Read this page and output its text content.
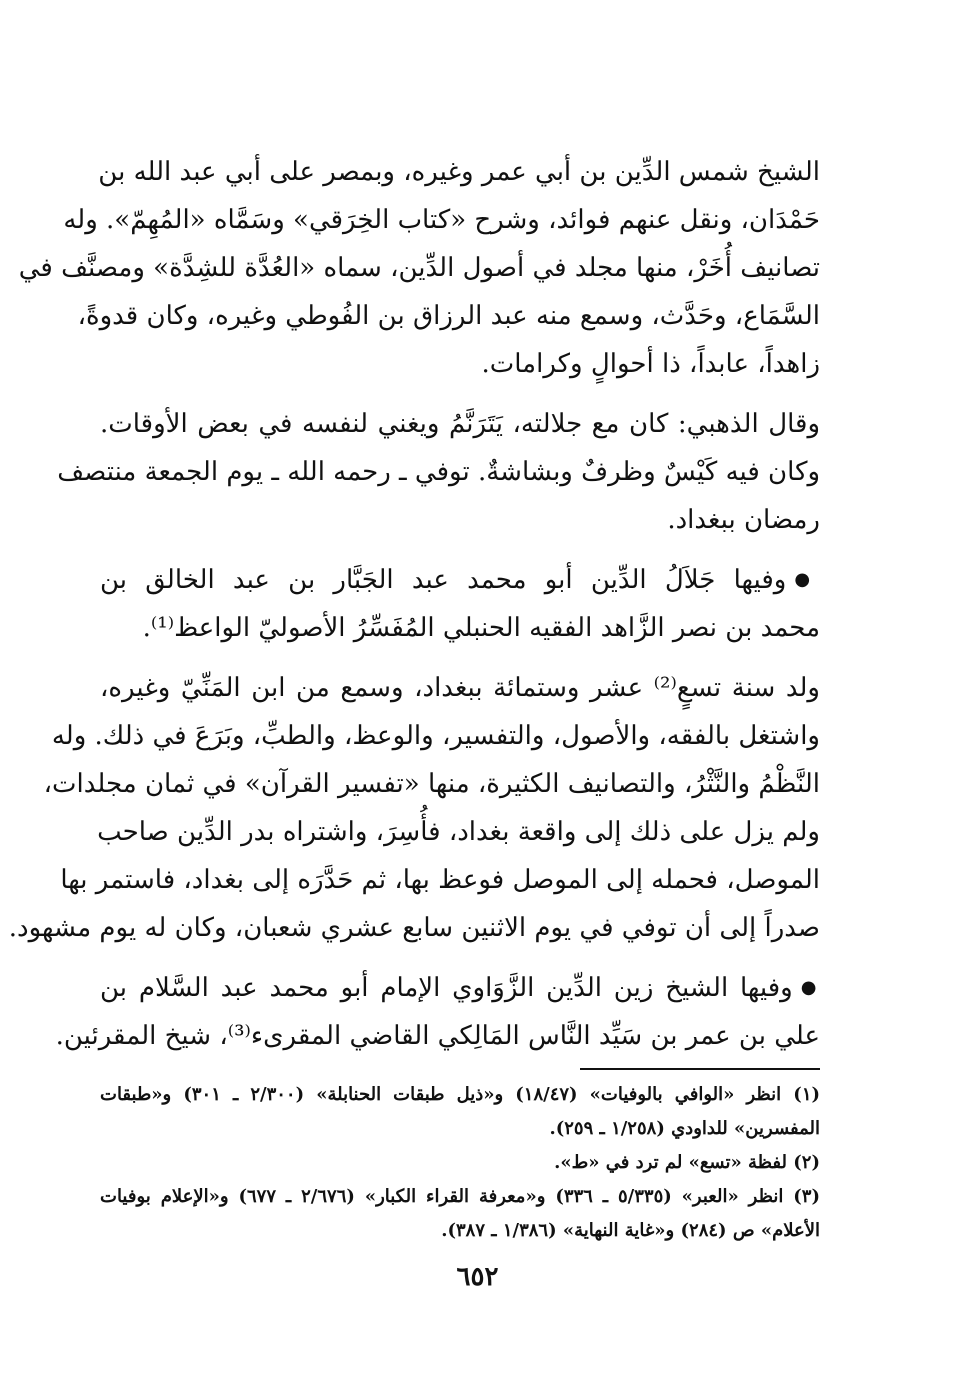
الشيخ شمس الدِّين بن أبي عمر وغيره، وبمصر على أبي عبد الله بن
حَمْدَان، ونقل عنهم فوائد، وشرح «كتاب الخِرَقي» وسَمَّاه «المُهِمّ». وله
تصانيف أُخَرْ، منها مجلد في أصول الدِّين، سماه «العُدَّة للشِدَّة» ومصنَّف في
السَّمَاع، وحَدَّث، وسمع منه عبد الرزاق بن الفُوطي وغيره، وكان قدوةً،
زاهداً، عابداً، ذا أحوالٍ وكرامات.

وقال الذهبي: كان مع جلالته، يَتَرَنَّمُ ويغني لنفسه في بعض الأوقات.
وكان فيه كَيْسٌ وظرفٌ وبشاشةٌ. توفي ـ رحمه الله ـ يوم الجمعة منتصف
رمضان ببغداد.

●وفيها جَلاَلُ الدِّين أبو محمد عبد الجَبَّار بن عبد الخالق بن
محمد بن نصر الزَّاهد الفقيه الحنبلي المُفَسِّرُ الأصوليّ الواعظ⁽¹⁾.

ولد سنة تسعٍ⁽²⁾ عشر وستمائة ببغداد، وسمع من ابن المَنِّيّ وغيره،
واشتغل بالفقه، والأصول، والتفسير، والوعظ، والطبِّ، وبَرَعَ في ذلك. وله
النَّظْمُ والنَّثْرُ، والتصانيف الكثيرة، منها «تفسير القرآن» في ثمان مجلدات،
ولم يزل على ذلك إلى واقعة بغداد، فأُسِرَ، واشتراه بدر الدِّين صاحب
الموصل، فحمله إلى الموصل فوعظ بها، ثم حَدَّرَه إلى بغداد، فاستمر بها
صدراً إلى أن توفي في يوم الاثنين سابع عشري شعبان، وكان له يوم مشهود.

●وفيها الشيخ زين الدِّين الزَّوَاوي الإمام أبو محمد عبد السَّلام بن
علي بن عمر بن سَيِّد النَّاس المَالِكي القاضي المقرىء⁽³⁾، شيخ المقرئين.

(١) انظر «الوافي بالوفيات» (١٨/٤٧) و«ذيل طبقات الحنابلة» (٢/٣٠٠ ـ ٣٠١) و«طبقات
المفسرين» للداودي (١/٢٥٨ ـ ٢٥٩).

(٢) لفظة «تسع» لم ترد في «ط».

(٣) انظر «العبر» (٥/٣٣٥ ـ ٣٣٦) و«معرفة القراء الكبار» (٢/٦٧٦ ـ ٦٧٧) و«الإعلام بوفيات
الأعلام» ص (٢٨٤) و«غاية النهاية» (١/٣٨٦ ـ ٣٨٧).

٦٥٢
